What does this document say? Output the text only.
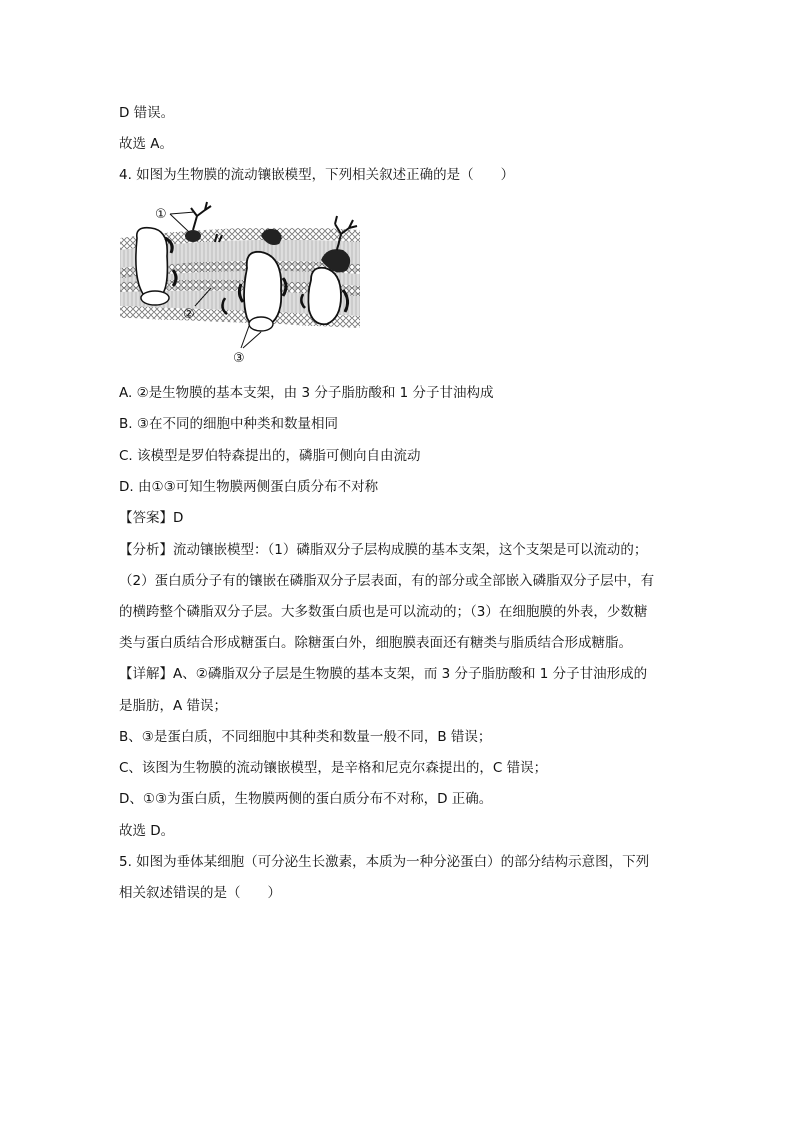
D 错误。
故选 A。
4. 如图为生物膜的流动镶嵌模型，下列相关叙述正确的是（　　）
①
②
③
A. ②是生物膜的基本支架，由 3 分子脂肪酸和 1 分子甘油构成
B. ③在不同的细胞中种类和数量相同
C. 该模型是罗伯特森提出的，磷脂可侧向自由流动
D. 由①③可知生物膜两侧蛋白质分布不对称
【答案】D
【分析】流动镶嵌模型：（1）磷脂双分子层构成膜的基本支架，这个支架是可以流动的；
（2）蛋白质分子有的镶嵌在磷脂双分子层表面，有的部分或全部嵌入磷脂双分子层中，有
的横跨整个磷脂双分子层。大多数蛋白质也是可以流动的；（3）在细胞膜的外表，少数糖
类与蛋白质结合形成糖蛋白。除糖蛋白外，细胞膜表面还有糖类与脂质结合形成糖脂。
【详解】A、②磷脂双分子层是生物膜的基本支架，而 3 分子脂肪酸和 1 分子甘油形成的
是脂肪，A 错误；
B、③是蛋白质，不同细胞中其种类和数量一般不同，B 错误；
C、该图为生物膜的流动镶嵌模型，是辛格和尼克尔森提出的，C 错误；
D、①③为蛋白质，生物膜两侧的蛋白质分布不对称，D 正确。
故选 D。
5. 如图为垂体某细胞（可分泌生长激素，本质为一种分泌蛋白）的部分结构示意图，下列
相关叙述错误的是（　　）
